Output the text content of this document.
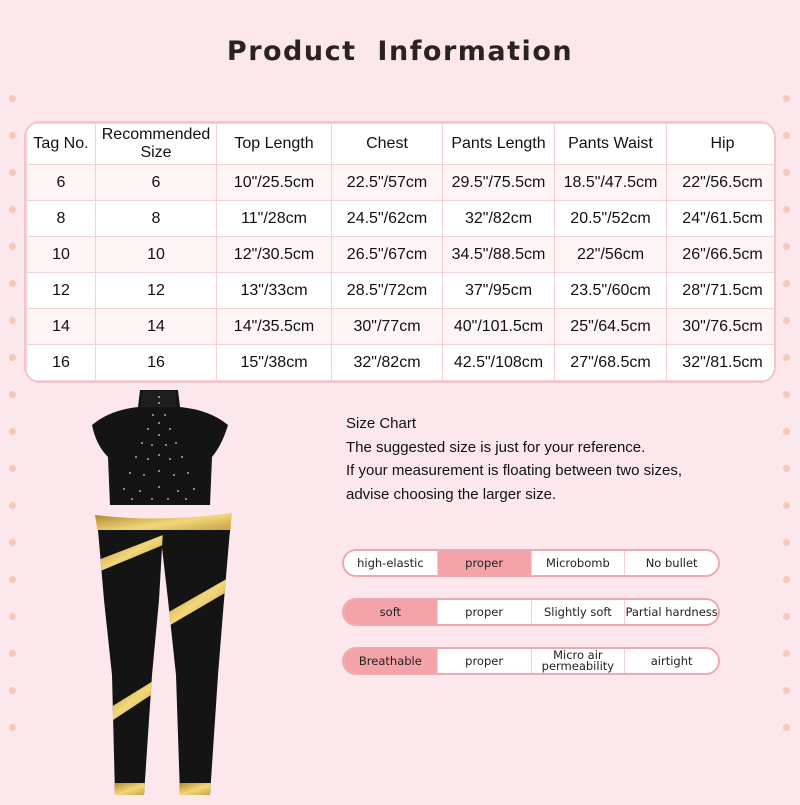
Product Information
Tag No.	Recommended Size	Top Length	Chest	Pants Length	Pants Waist	Hip
6	6	10"/25.5cm	22.5"/57cm	29.5"/75.5cm	18.5"/47.5cm	22"/56.5cm
8	8	11"/28cm	24.5"/62cm	32"/82cm	20.5"/52cm	24"/61.5cm
10	10	12"/30.5cm	26.5"/67cm	34.5"/88.5cm	22"/56cm	26"/66.5cm
12	12	13"/33cm	28.5"/72cm	37"/95cm	23.5"/60cm	28"/71.5cm
14	14	14"/35.5cm	30"/77cm	40"/101.5cm	25"/64.5cm	30"/76.5cm
16	16	15"/38cm	32"/82cm	42.5"/108cm	27"/68.5cm	32"/81.5cm
Size Chart
The suggested size is just for your reference.
If your measurement is floating between two sizes,
advise choosing the larger size.
high-elastic	proper	Microbomb	No bullet
soft	proper	Slightly soft	Partial hardness
Breathable	proper	Micro air permeability	airtight
